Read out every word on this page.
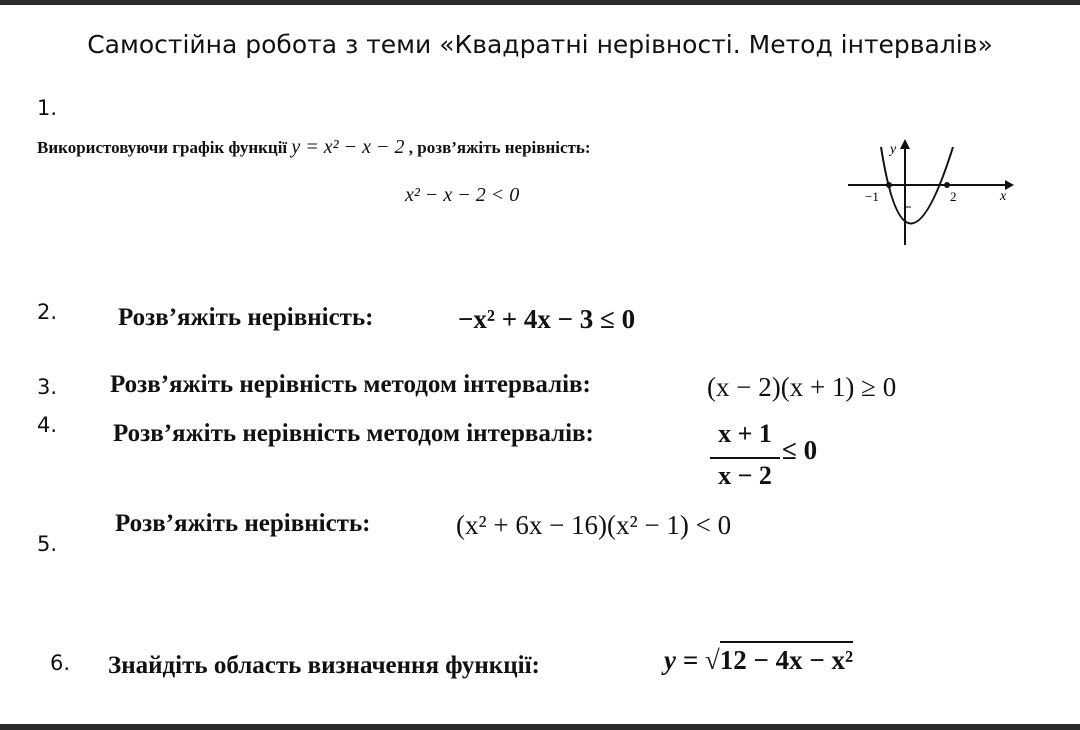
Самостійна робота з теми «Квадратні нерівності. Метод інтервалів»
1.
Використовуючи графік функції y = x² − x − 2 , розв’яжіть нерівність:
x² − x − 2 < 0	−1	2	x
y
2. Розв’яжіть нерівність:	−x² + 4x − 3 ≤ 0
3. Розв’яжіть нерівність методом інтервалів:	(x − 2)(x + 1) ≥ 0
4. Розв’яжіть нерівність методом інтервалів:	x + 1
x − 2
≤ 0
5.
Розв’яжіть нерівність:	(x² + 6x − 16)(x² − 1) < 0
6. Знайдіть область визначення функції:	y = √12 − 4x − x²
